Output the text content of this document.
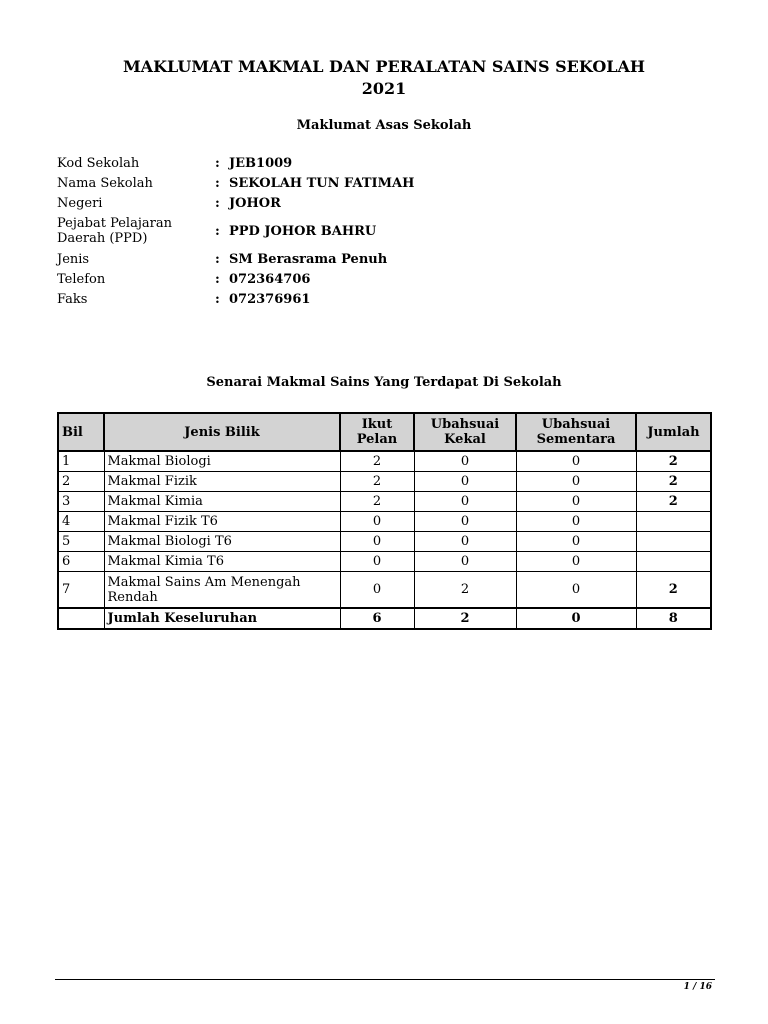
MAKLUMAT MAKMAL DAN PERALATAN SAINS SEKOLAH
2021
Maklumat Asas Sekolah
Kod Sekolah	:	JEB1009
Nama Sekolah	:	SEKOLAH TUN FATIMAH
Negeri	:	JOHOR
Pejabat Pelajaran Daerah (PPD)	:	PPD JOHOR BAHRU
Jenis	:	SM Berasrama Penuh
Telefon	:	072364706
Faks	:	072376961
Senarai Makmal Sains Yang Terdapat Di Sekolah
Bil	Jenis Bilik	Ikut Pelan	Ubahsuai Kekal	Ubahsuai Sementara	Jumlah
1	Makmal Biologi	2	0	0	2
2	Makmal Fizik	2	0	0	2
3	Makmal Kimia	2	0	0	2
4	Makmal Fizik T6	0	0	0	
5	Makmal Biologi T6	0	0	0	
6	Makmal Kimia T6	0	0	0	
7	Makmal Sains Am Menengah Rendah	0	2	0	2
	Jumlah Keseluruhan	6	2	0	8
1 / 16
